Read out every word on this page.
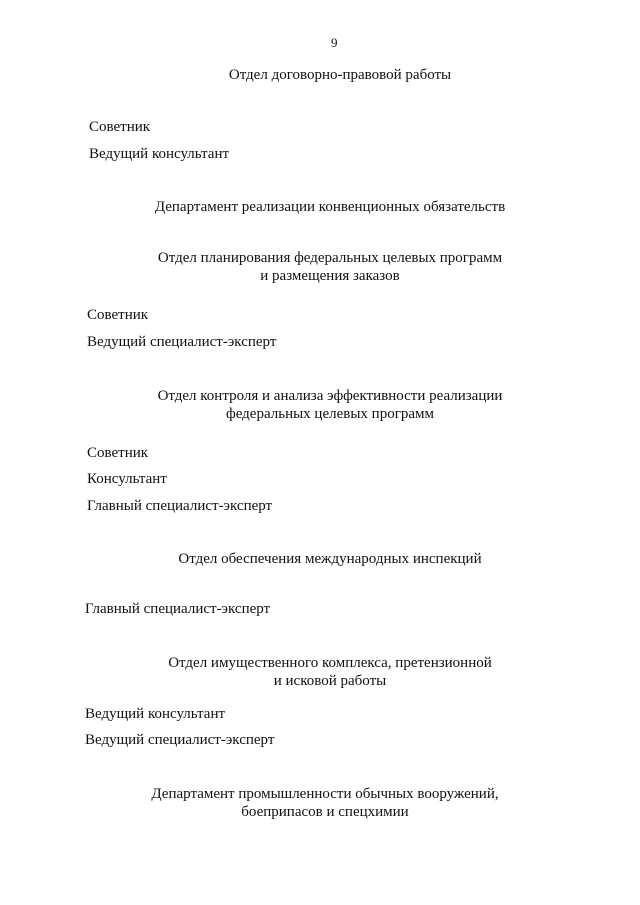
9
Отдел договорно-правовой работы
Советник
Ведущий консультант
Департамент реализации конвенционных обязательств
Отдел планирования федеральных целевых программ
и размещения заказов
Советник
Ведущий специалист-эксперт
Отдел контроля и анализа эффективности реализации
федеральных целевых программ
Советник
Консультант
Главный специалист-эксперт
Отдел обеспечения международных инспекций
Главный специалист-эксперт
Отдел имущественного комплекса, претензионной
и исковой работы
Ведущий консультант
Ведущий специалист-эксперт
Департамент промышленности обычных вооружений,
боеприпасов и спецхимии
